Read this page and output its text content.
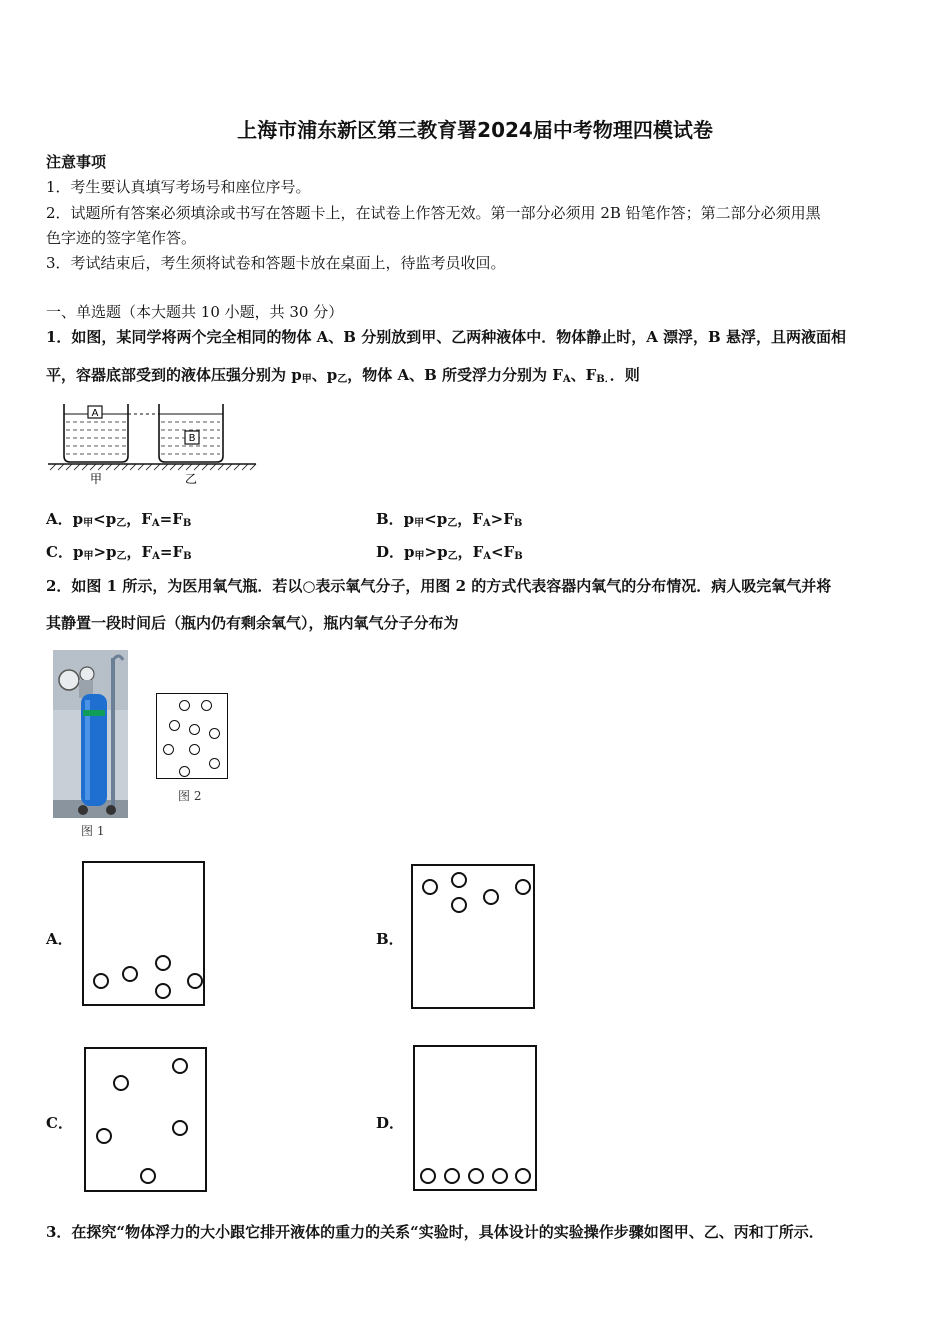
上海市浦东新区第三教育署2024届中考物理四模试卷
注意事项
1．考生要认真填写考场号和座位序号。
2．试题所有答案必须填涂或书写在答题卡上，在试卷上作答无效。第一部分必须用 2B 铅笔作答；第二部分必须用黑
色字迹的签字笔作答。
3．考试结束后，考生须将试卷和答题卡放在桌面上，待监考员收回。
一、单选题（本大题共 10 小题，共 30 分）
1．如图，某同学将两个完全相同的物体 A、B 分别放到甲、乙两种液体中．物体静止时，A 漂浮，B 悬浮，且两液面相
平，容器底部受到的液体压强分别为 p甲、p乙，物体 A、B 所受浮力分别为 FA、FB．．则
A
B
甲	乙
A．p甲<p乙，FA=FB	B．p甲<p乙，FA>FB
C．p甲>p乙，FA=FB	D．p甲>p乙，FA<FB
2．如图 1 所示，为医用氧气瓶．若以○表示氧气分子，用图 2 的方式代表容器内氧气的分布情况．病人吸完氧气并将
其静置一段时间后（瓶内仍有剩余氧气），瓶内氧气分子分布为
图 1
图 2
A．	B．
C．	D．
3．在探究“物体浮力的大小跟它排开液体的重力的关系“实验时，具体设计的实验操作步骤如图甲、乙、丙和丁所示．
